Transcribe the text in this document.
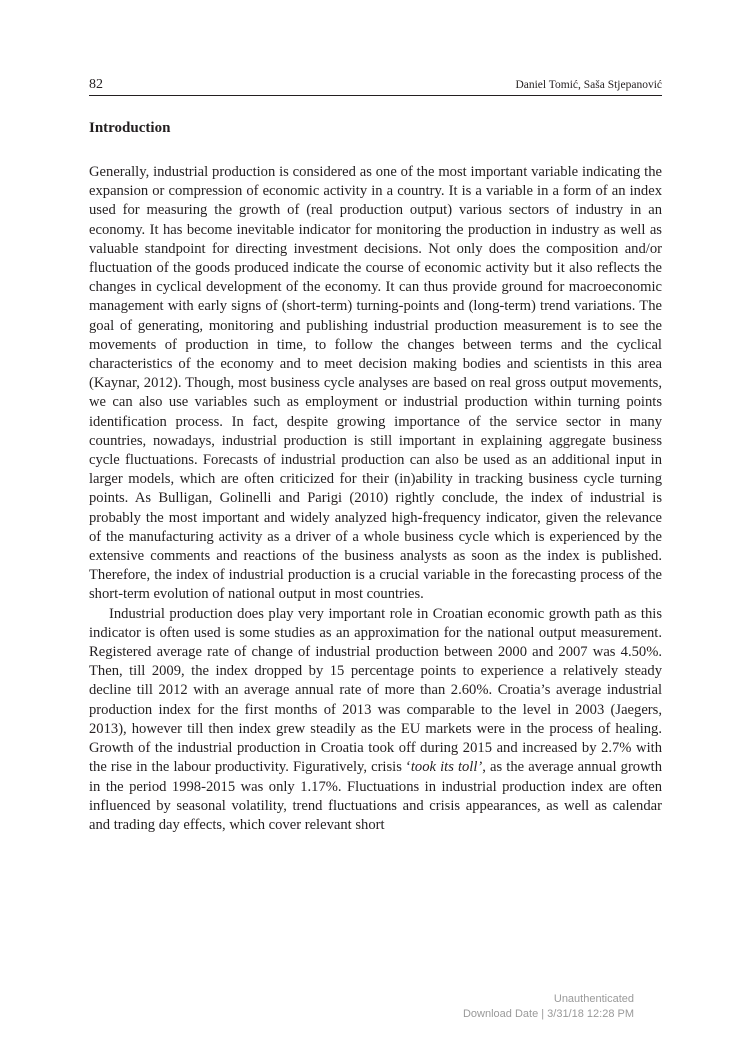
82	Daniel Tomić, Saša Stjepanović
Introduction

Generally, industrial production is considered as one of the most important variable indicating the expansion or compression of economic activity in a country. It is a variable in a form of an index used for measuring the growth of (real production output) various sectors of industry in an economy. It has become inevitable indicator for monitoring the production in industry as well as valuable standpoint for directing investment decisions. Not only does the composition and/or fluctuation of the goods produced indicate the course of economic activity but it also reflects the changes in cyclical development of the economy. It can thus provide ground for macroeconomic management with early signs of (short-term) turning-points and (long-term) trend variations. The goal of generating, monitoring and publishing industrial production measurement is to see the movements of production in time, to follow the changes between terms and the cyclical characteristics of the economy and to meet decision making bodies and scientists in this area (Kaynar, 2012). Though, most business cycle analyses are based on real gross output movements, we can also use variables such as employment or industrial production within turning points identification process. In fact, despite growing importance of the service sector in many countries, nowadays, industrial production is still important in explaining aggregate business cycle fluctuations. Forecasts of industrial production can also be used as an additional input in larger models, which are often criticized for their (in)ability in tracking business cycle turning points. As Bulligan, Golinelli and Parigi (2010) rightly conclude, the index of industrial is probably the most important and widely analyzed high-frequency indicator, given the relevance of the manufacturing activity as a driver of a whole business cycle which is experienced by the extensive comments and reactions of the business analysts as soon as the index is published. Therefore, the index of industrial production is a crucial variable in the forecasting process of the short-term evolution of national output in most countries.

Industrial production does play very important role in Croatian economic growth path as this indicator is often used is some studies as an approximation for the national output measurement. Registered average rate of change of industrial production between 2000 and 2007 was 4.50%. Then, till 2009, the index dropped by 15 percentage points to experience a relatively steady decline till 2012 with an average annual rate of more than 2.60%. Croatia’s average industrial production index for the first months of 2013 was comparable to the level in 2003 (Jaegers, 2013), however till then index grew steadily as the EU markets were in the process of healing. Growth of the industrial production in Croatia took off during 2015 and increased by 2.7% with the rise in the labour productivity. Figuratively, crisis ‘took its toll’, as the average annual growth in the period 1998-2015 was only 1.17%. Fluctuations in industrial production index are often influenced by seasonal volatility, trend fluctuations and crisis appearances, as well as calendar and trading day effects, which cover relevant short

Unauthenticated
Download Date | 3/31/18 12:28 PM
